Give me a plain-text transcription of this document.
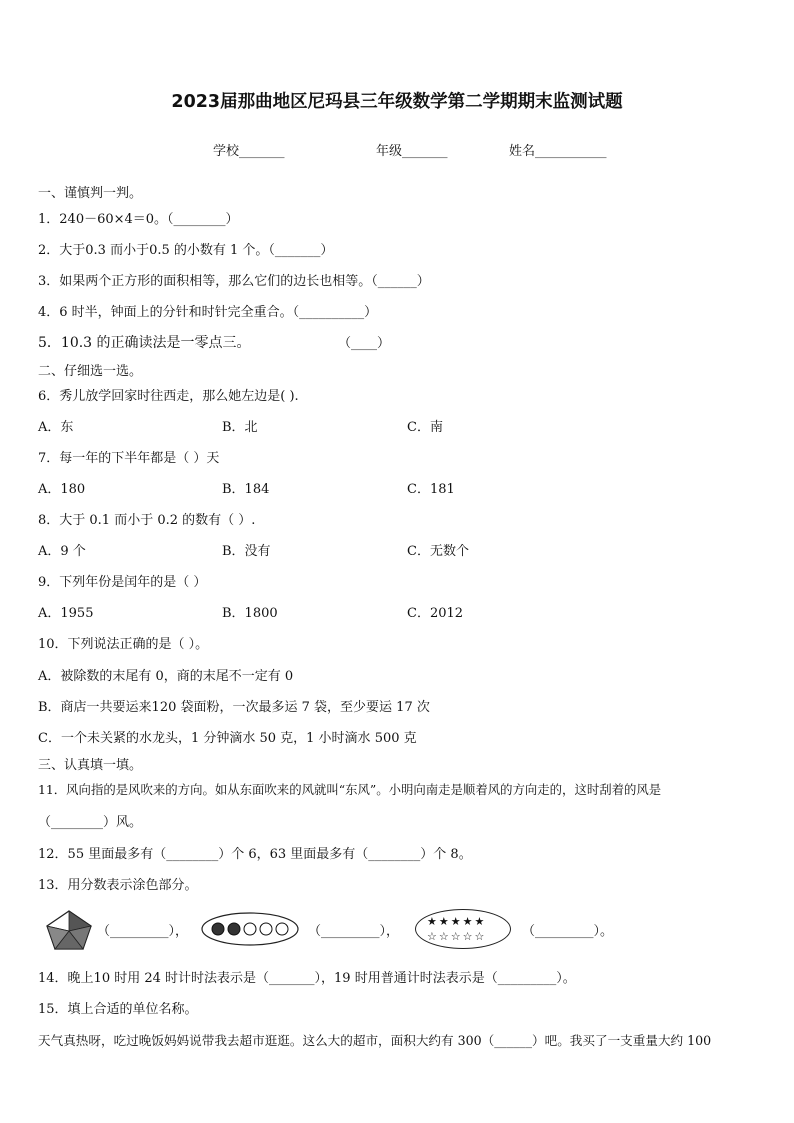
2023届那曲地区尼玛县三年级数学第二学期期末监测试题
学校_______	年级_______	姓名___________
一、谨慎判一判。
1．240－60×4＝0。（________）
2．大于0.3 而小于0.5 的小数有 1 个。（_______）
3．如果两个正方形的面积相等，那么它们的边长也相等。（______）
4．6 时半，钟面上的分针和时针完全重合。（__________）
5．10.3 的正确读法是一零点三。	（____）
二、仔细选一选。
6．秀儿放学回家时往西走，那么她左边是( ).
A．东	B．北	C．南
7．每一年的下半年都是（ ）天
A．180	B．184	C．181
8．大于 0.1 而小于 0.2 的数有（ ）.
A．9 个	B．没有	C．无数个
9．下列年份是闰年的是（ ）
A．1955	B．1800	C．2012
10．下列说法正确的是（ ）。
A．被除数的末尾有 0，商的末尾不一定有 0
B．商店一共要运来120 袋面粉，一次最多运 7 袋，至少要运 17 次
C．一个未关紧的水龙头，1 分钟滴水 50 克，1 小时滴水 500 克
三、认真填一填。
11．风向指的是风吹来的方向。如从东面吹来的风就叫“东风”。小明向南走是顺着风的方向走的，这时刮着的风是
（________）风。
12．55 里面最多有（________）个 6，63 里面最多有（________）个 8。
13．用分数表示涂色部分。
（_________），	（_________），
★★★★★
☆☆☆☆☆	（_________）。
14．晚上10 时用 24 时计时法表示是（_______），19 时用普通计时法表示是（_________）。
15．填上合适的单位名称。
天气真热呀，吃过晚饭妈妈说带我去超市逛逛。这么大的超市，面积大约有 300（______）吧。我买了一支重量大约 100
